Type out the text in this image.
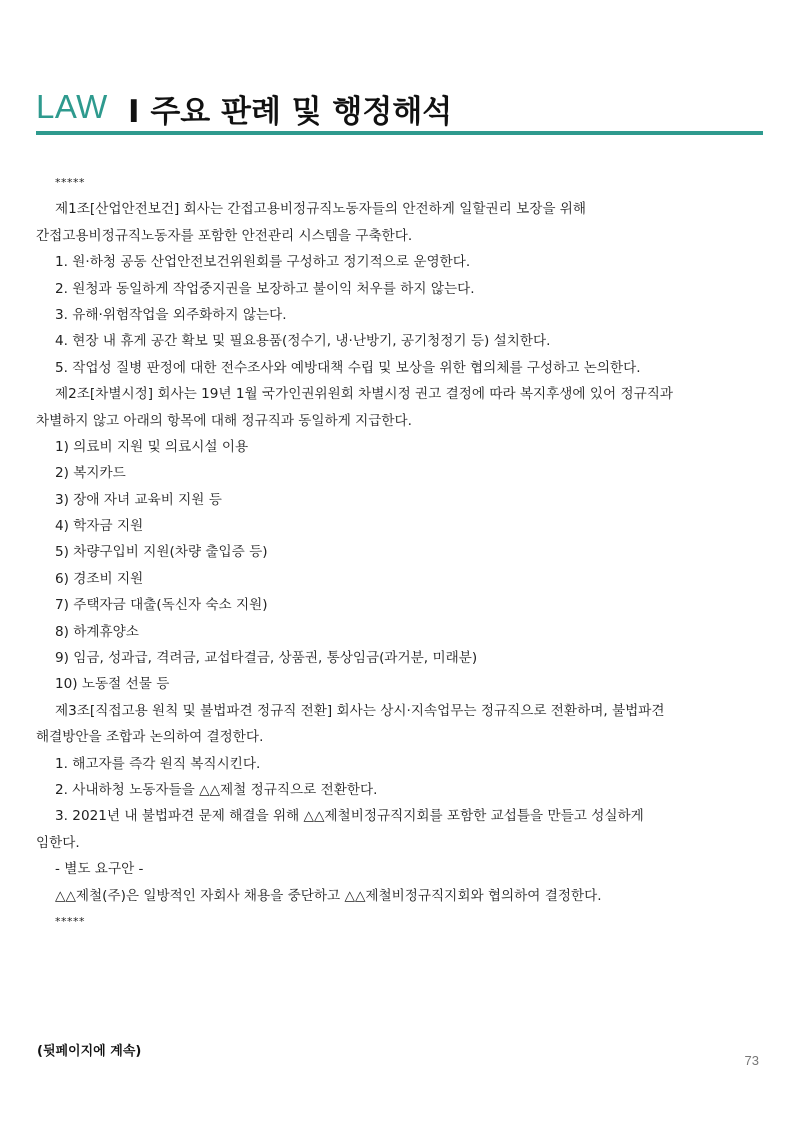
LAW I 주요 판례 및 행정해석
*****
제1조[산업안전보건] 회사는 간접고용비정규직노동자들의 안전하게 일할권리 보장을 위해
간접고용비정규직노동자를 포함한 안전관리 시스템을 구축한다.
1. 원·하청 공동 산업안전보건위원회를 구성하고 정기적으로 운영한다.
2. 원청과 동일하게 작업중지권을 보장하고 불이익 처우를 하지 않는다.
3. 유해·위험작업을 외주화하지 않는다.
4. 현장 내 휴게 공간 확보 및 필요용품(정수기, 냉·난방기, 공기청정기 등) 설치한다.
5. 작업성 질병 판정에 대한 전수조사와 예방대책 수립 및 보상을 위한 협의체를 구성하고 논의한다.
제2조[차별시정] 회사는 19년 1월 국가인권위원회 차별시정 권고 결정에 따라 복지후생에 있어 정규직과
차별하지 않고 아래의 항목에 대해 정규직과 동일하게 지급한다.
1) 의료비 지원 및 의료시설 이용
2) 복지카드
3) 장애 자녀 교육비 지원 등
4) 학자금 지원
5) 차량구입비 지원(차량 출입증 등)
6) 경조비 지원
7) 주택자금 대출(독신자 숙소 지원)
8) 하계휴양소
9) 임금, 성과급, 격려금, 교섭타결금, 상품권, 통상임금(과거분, 미래분)
10) 노동절 선물 등
제3조[직접고용 원칙 및 불법파견 정규직 전환] 회사는 상시·지속업무는 정규직으로 전환하며, 불법파견
해결방안을 조합과 논의하여 결정한다.
1. 해고자를 즉각 원직 복직시킨다.
2. 사내하청 노동자들을 △△제철 정규직으로 전환한다.
3. 2021년 내 불법파견 문제 해결을 위해 △△제철비정규직지회를 포함한 교섭틀을 만들고 성실하게
임한다.
- 별도 요구안 -
△△제철(주)은 일방적인 자회사 채용을 중단하고 △△제철비정규직지회와 협의하여 결정한다.
*****
(뒷페이지에 계속)
73
